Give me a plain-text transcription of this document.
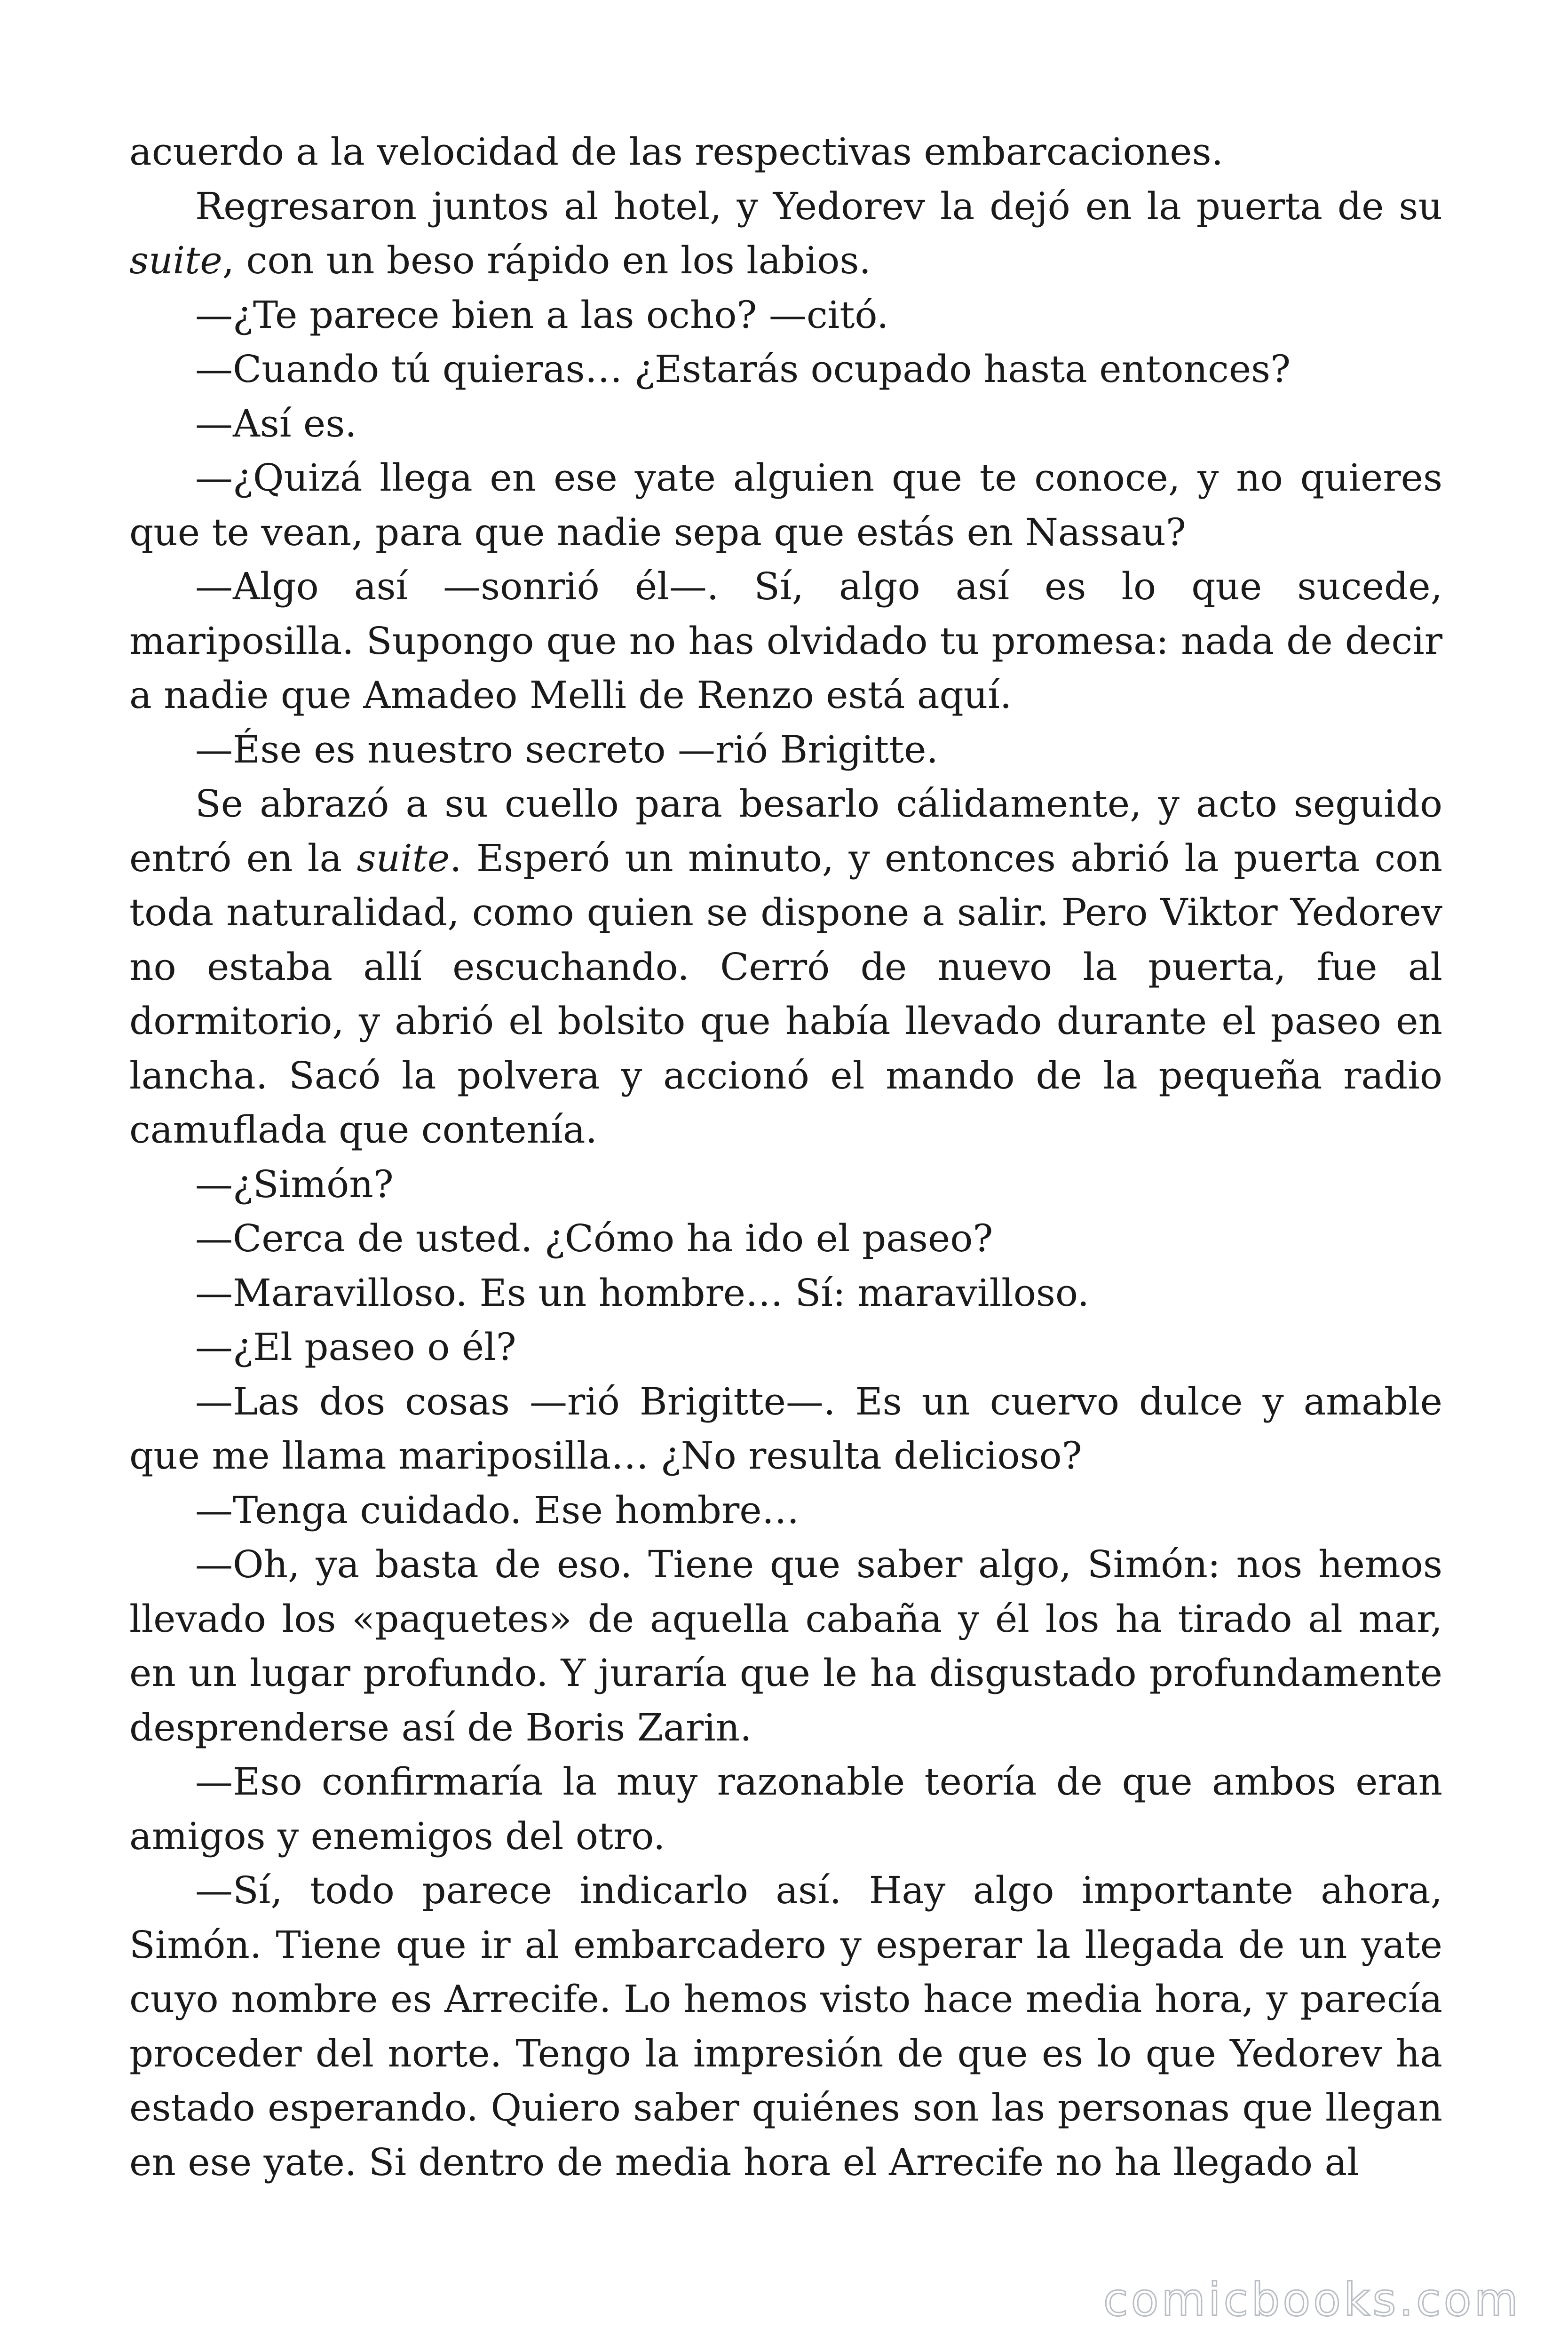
acuerdo a la velocidad de las respectivas embarcaciones.

Regresaron juntos al hotel, y Yedorev la dejó en la puerta de su suite, con un beso rápido en los labios.

—¿Te parece bien a las ocho? —citó.

—Cuando tú quieras… ¿Estarás ocupado hasta entonces?

—Así es.

—¿Quizá llega en ese yate alguien que te conoce, y no quieres que te vean, para que nadie sepa que estás en Nassau?

—Algo así —sonrió él—. Sí, algo así es lo que sucede, mariposilla. Supongo que no has olvidado tu promesa: nada de decir a nadie que Amadeo Melli de Renzo está aquí.

—Ése es nuestro secreto —rió Brigitte.

Se abrazó a su cuello para besarlo cálidamente, y acto seguido entró en la suite. Esperó un minuto, y entonces abrió la puerta con toda naturalidad, como quien se dispone a salir. Pero Viktor Yedorev no estaba allí escuchando. Cerró de nuevo la puerta, fue al dormitorio, y abrió el bolsito que había llevado durante el paseo en lancha. Sacó la polvera y accionó el mando de la pequeña radio camuflada que contenía.

—¿Simón?

—Cerca de usted. ¿Cómo ha ido el paseo?

—Maravilloso. Es un hombre… Sí: maravilloso.

—¿El paseo o él?

—Las dos cosas —rió Brigitte—. Es un cuervo dulce y amable que me llama mariposilla… ¿No resulta delicioso?

—Tenga cuidado. Ese hombre…

—Oh, ya basta de eso. Tiene que saber algo, Simón: nos hemos llevado los «paquetes» de aquella cabaña y él los ha tirado al mar, en un lugar profundo. Y juraría que le ha disgustado profundamente desprenderse así de Boris Zarin.

—Eso confirmaría la muy razonable teoría de que ambos eran amigos y enemigos del otro.

—Sí, todo parece indicarlo así. Hay algo importante ahora, Simón. Tiene que ir al embarcadero y esperar la llegada de un yate cuyo nombre es Arrecife. Lo hemos visto hace media hora, y parecía proceder del norte. Tengo la impresión de que es lo que Yedorev ha estado esperando. Quiero saber quiénes son las personas que llegan en ese yate. Si dentro de media hora el Arrecife no ha llegado al

comicbooks.com
